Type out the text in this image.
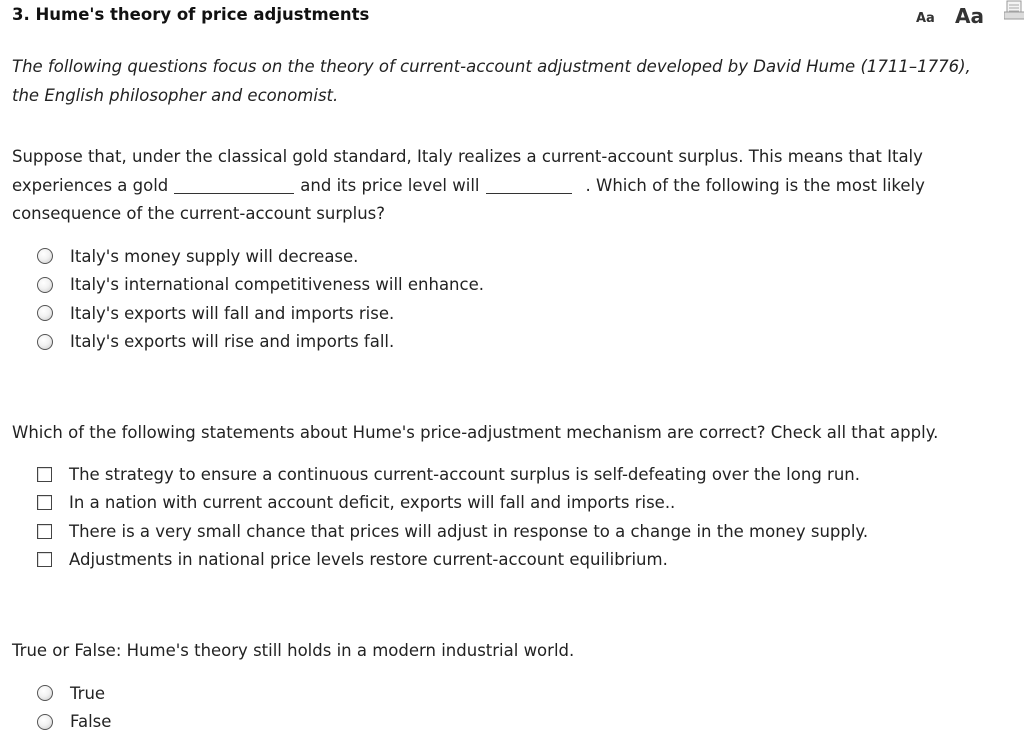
3. Hume's theory of price adjustments	Aa Aa
The following questions focus on the theory of current-account adjustment developed by David Hume (1711–1776),
the English philosopher and economist.
Suppose that, under the classical gold standard, Italy realizes a current-account surplus. This means that Italy
experiences a gold	and its price level will	. Which of the following is the most likely
consequence of the current-account surplus?
Italy's money supply will decrease.
Italy's international competitiveness will enhance.
Italy's exports will fall and imports rise.
Italy's exports will rise and imports fall.
Which of the following statements about Hume's price-adjustment mechanism are correct? Check all that apply.
The strategy to ensure a continuous current-account surplus is self-defeating over the long run.
In a nation with current account deficit, exports will fall and imports rise..
There is a very small chance that prices will adjust in response to a change in the money supply.
Adjustments in national price levels restore current-account equilibrium.
True or False: Hume's theory still holds in a modern industrial world.
True
False
